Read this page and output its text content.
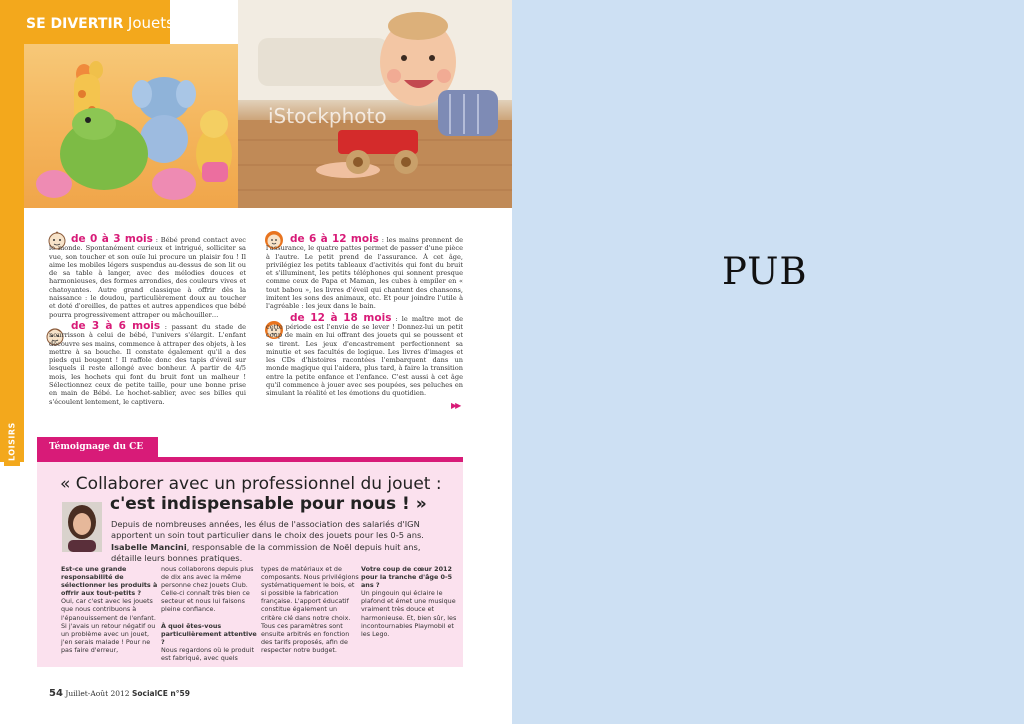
LOISIRS
iStockphoto
SE DIVERTIR Jouets

de 0 à 3 mois : Bébé prend contact avec le monde. Spontanément curieux et intrigué, solliciter sa vue, son toucher et son ouïe lui procure un plaisir fou ! Il aime les mobiles légers suspendus au-dessus de son lit ou de sa table à langer, avec des mélodies douces et harmonieuses, des formes arrondies, des couleurs vives et chatoyantes. Autre grand classique à offrir dès la naissance : le doudou, particulièrement doux au toucher et doté d'oreilles, de pattes et autres appendices que bébé pourra progressivement attraper ou mâchouiller…

de 3 à 6 mois : passant du stade de nourrisson à celui de bébé, l'univers s'élargit. L'enfant découvre ses mains, commence à attraper des objets, à les mettre à sa bouche. Il constate également qu'il a des pieds qui bougent ! Il raffole donc des tapis d'éveil sur lesquels il reste allongé avec bonheur. À partir de 4/5 mois, les hochets qui font du bruit font un malheur ! Sélectionnez ceux de petite taille, pour une bonne prise en main de Bébé. Le hochet-sablier, avec ses billes qui s'écoulent lentement, le captivera.

de 6 à 12 mois : les mains prennent de l'assurance, le quatre pattes permet de passer d'une pièce à l'autre. Le petit prend de l'assurance. À cet âge, privilégiez les petits tableaux d'activités qui font du bruit et s'illuminent, les petits téléphones qui sonnent presque comme ceux de Papa et Maman, les cubes à empiler en « tout babou », les livres d'éveil qui chantent des chansons, imitent les sons des animaux, etc. Et pour joindre l'utile à l'agréable : les jeux dans le bain.

de 12 à 18 mois : le maître mot de cette période est l'envie de se lever ! Donnez-lui un petit coup de main en lui offrant des jouets qui se poussent et se tirent. Les jeux d'encastrement perfectionnent sa minutie et ses facultés de logique. Les livres d'images et les CDs d'histoires racontées l'embarquent dans un monde magique qui l'aidera, plus tard, à faire la transition entre la petite enfance et l'enfance. C'est aussi à cet âge qu'il commence à jouer avec ses poupées, ses peluches en simulant la réalité et les émotions du quotidien.

▶▶
Témoignage du CE
« Collaborer avec un professionnel du jouet :
c'est indispensable pour nous ! »
Depuis de nombreuses années, les élus de l'association des salariés d'IGN apportent un soin tout particulier dans le choix des jouets pour les 0-5 ans. Isabelle Mancini, responsable de la commission de Noël depuis huit ans, détaille leurs bonnes pratiques.
Est-ce une grande responsabilité de sélectionner les produits à offrir aux tout-petits ?
Oui, car c'est avec les jouets que nous contribuons à l'épanouissement de l'enfant. Si j'avais un retour négatif ou un problème avec un jouet, j'en serais malade ! Pour ne pas faire d'erreur,
nous collaborons depuis plus de dix ans avec la même personne chez Jouets Club. Celle-ci connaît très bien ce secteur et nous lui faisons pleine confiance.

À quoi êtes-vous particulièrement attentive ?
Nous regardons où le produit est fabriqué, avec quels
types de matériaux et de composants. Nous privilégions systématiquement le bois, et si possible la fabrication française. L'apport éducatif constitue également un critère clé dans notre choix. Tous ces paramètres sont ensuite arbitrés en fonction des tarifs proposés, afin de respecter notre budget.
Votre coup de cœur 2012 pour la tranche d'âge 0-5 ans ?
Un pingouin qui éclaire le plafond et émet une musique vraiment très douce et harmonieuse. Et, bien sûr, les incontournables Playmobil et les Lego.
54 Juillet-Août 2012 SocialCE n°59
PUB
